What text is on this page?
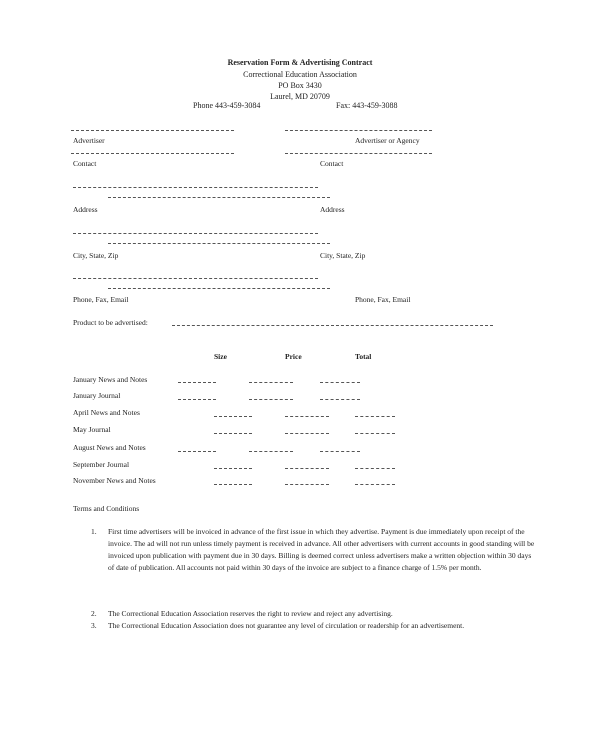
Reservation Form & Advertising Contract
Correctional Education Association
PO Box 3430
Laurel, MD 20709
Phone 443-459-3084	Fax: 443-459-3088
Advertiser	Advertiser or Agency
Contact	Contact
Address	Address
City, State, Zip	City, State, Zip
Phone, Fax, Email	Phone, Fax, Email
Product to be advertised:
Size	Price	Total
January News and Notes
January Journal
April News and Notes
May Journal
August News and Notes
September Journal
November News and Notes
Terms and Conditions
1. First time advertisers will be invoiced in advance of the first issue in which they advertise. Payment is due immediately upon receipt of the invoice. The ad will not run unless timely payment is received in advance. All other advertisers with current accounts in good standing will be invoiced upon publication with payment due in 30 days. Billing is deemed correct unless advertisers make a written objection within 30 days of date of publication. All accounts not paid within 30 days of the invoice are subject to a finance charge of 1.5% per month.
2. The Correctional Education Association reserves the right to review and reject any advertising.
3. The Correctional Education Association does not guarantee any level of circulation or readership for an advertisement.
